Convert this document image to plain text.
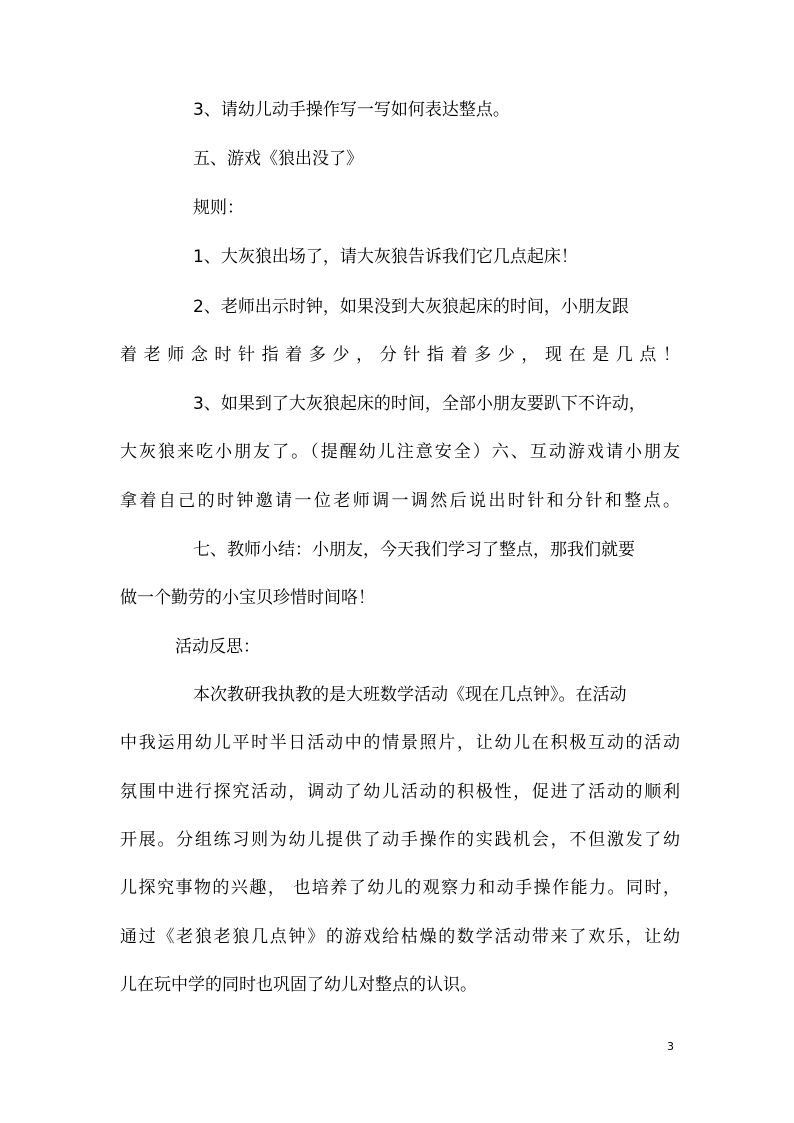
3、请幼儿动手操作写一写如何表达整点。
五、游戏《狼出没了》
规则：
1、大灰狼出场了，请大灰狼告诉我们它几点起床！
2、老师出示时钟，如果没到大灰狼起床的时间，小朋友跟
着老师念时针指着多少，分针指着多少，现在是几点！
3、如果到了大灰狼起床的时间，全部小朋友要趴下不许动，
大灰狼来吃小朋友了。（提醒幼儿注意安全）六、互动游戏请小朋友
拿着自己的时钟邀请一位老师调一调然后说出时针和分针和整点。
七、教师小结：小朋友，今天我们学习了整点，那我们就要
做一个勤劳的小宝贝珍惜时间咯！
活动反思：
本次教研我执教的是大班数学活动《现在几点钟》。在活动
中我运用幼儿平时半日活动中的情景照片，让幼儿在积极互动的活动
氛围中进行探究活动，调动了幼儿活动的积极性，促进了活动的顺利
开展。分组练习则为幼儿提供了动手操作的实践机会，不但激发了幼
儿探究事物的兴趣， 也培养了幼儿的观察力和动手操作能力。同时，
通过《老狼老狼几点钟》的游戏给枯燥的数学活动带来了欢乐，让幼
儿在玩中学的同时也巩固了幼儿对整点的认识。
3
